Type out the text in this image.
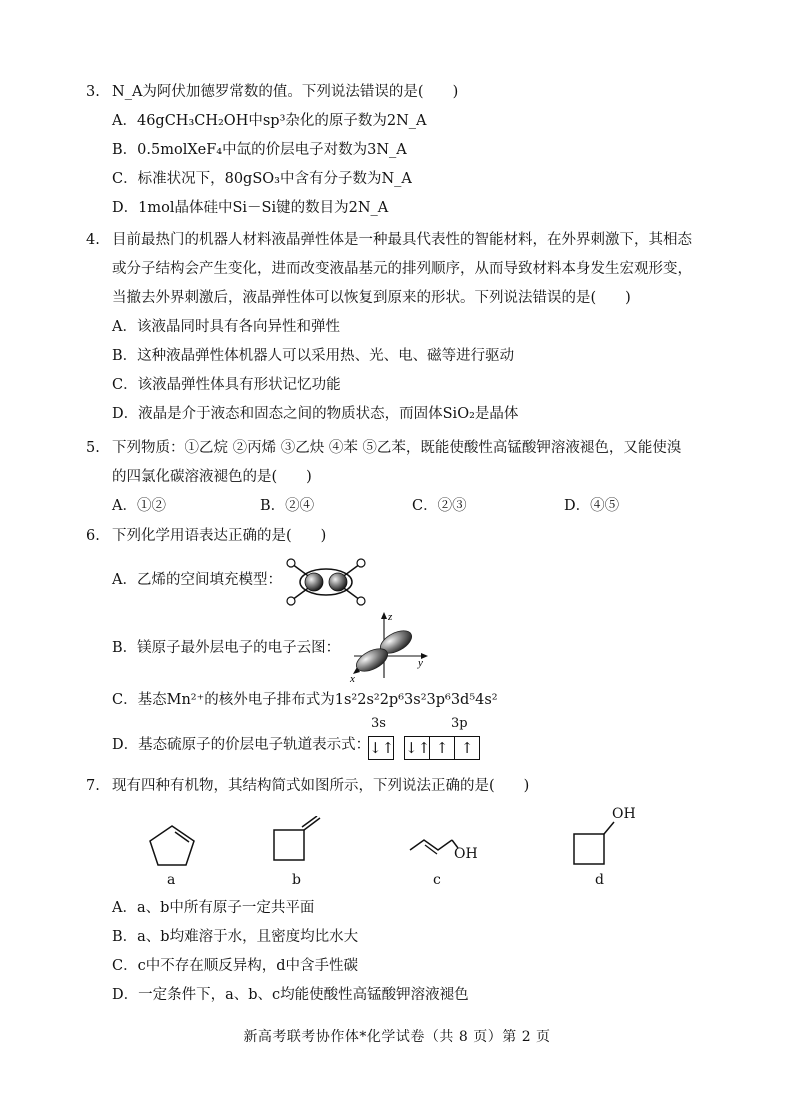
3. N_A为阿伏加德罗常数的值。下列说法错误的是(　　)
A．46gCH₃CH₂OH中sp³杂化的原子数为2N_A
B．0.5molXeF₄中氙的价层电子对数为3N_A
C．标准状况下，80gSO₃中含有分子数为N_A
D．1mol晶体硅中Si－Si键的数目为2N_A
4. 目前最热门的机器人材料液晶弹性体是一种最具代表性的智能材料，在外界刺激下，其相态
或分子结构会产生变化，进而改变液晶基元的排列顺序，从而导致材料本身发生宏观形变，
当撤去外界刺激后，液晶弹性体可以恢复到原来的形状。下列说法错误的是(　　)
A．该液晶同时具有各向异性和弹性
B．这种液晶弹性体机器人可以采用热、光、电、磁等进行驱动
C．该液晶弹性体具有形状记忆功能
D．液晶是介于液态和固态之间的物质状态，而固体SiO₂是晶体
5. 下列物质：①乙烷 ②丙烯 ③乙炔 ④苯 ⑤乙苯，既能使酸性高锰酸钾溶液褪色，又能使溴
的四氯化碳溶液褪色的是(　　)
A．①②	B．②④	C．②③	D．④⑤
6. 下列化学用语表达正确的是(　　)
A．乙烯的空间填充模型：
B．镁原子最外层电子的电子云图：
z
y
x
C．基态Mn²⁺的核外电子排布式为1s²2s²2p⁶3s²3p⁶3d⁵4s²
D．基态硫原子的价层电子轨道表示式：
3s	3p
↓↑ ↓↑ ↑ ↑
7. 现有四种有机物，其结构简式如图所示，下列说法正确的是(　　)
a	b
OH
c
OH
d
A．a、b中所有原子一定共平面
B．a、b均难溶于水，且密度均比水大
C．c中不存在顺反异构，d中含手性碳
D．一定条件下，a、b、c均能使酸性高锰酸钾溶液褪色
新高考联考协作体*化学试卷（共 8 页）第 2 页
